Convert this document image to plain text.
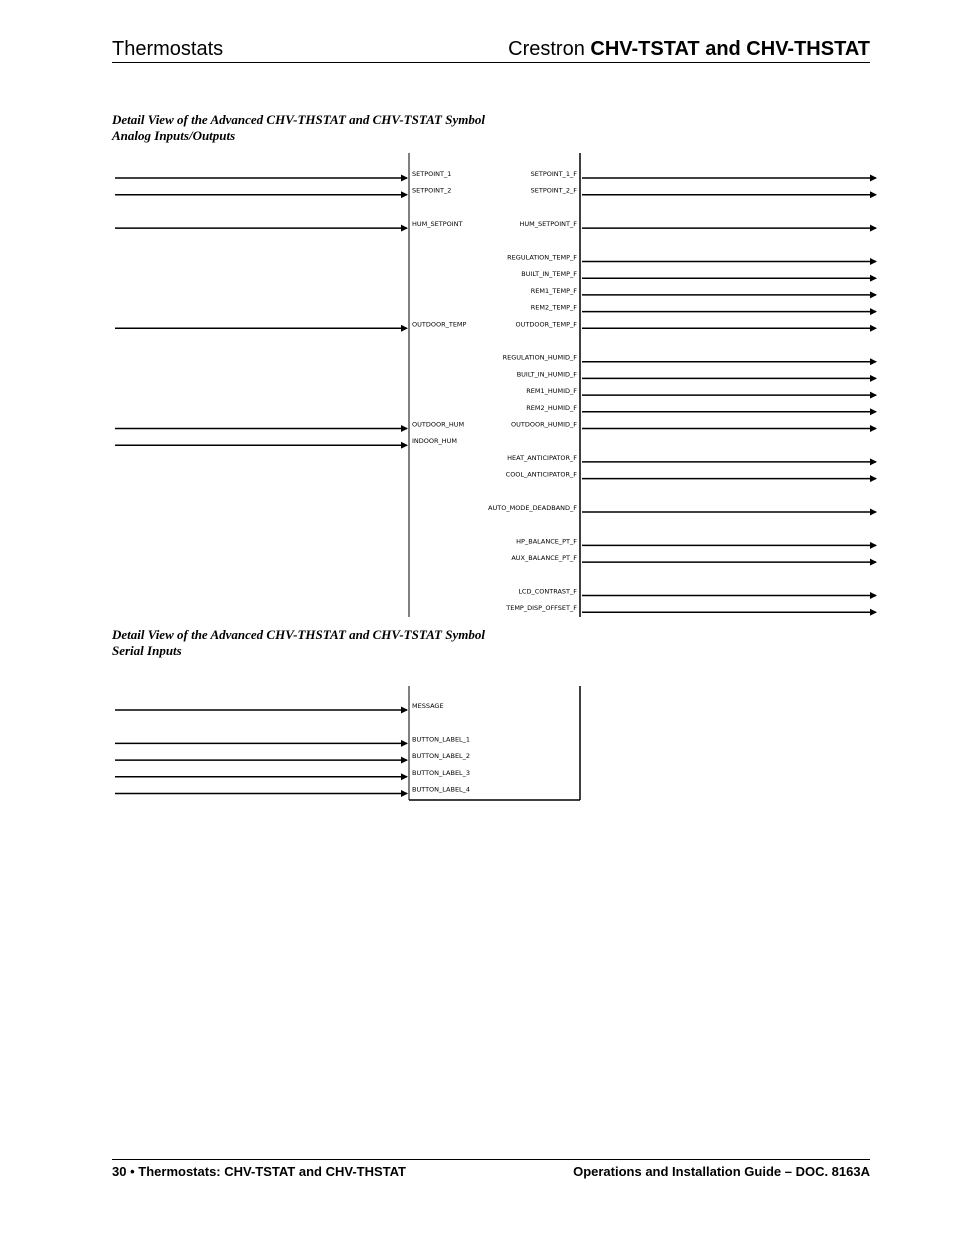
Thermostats	Crestron CHV-TSTAT and CHV-THSTAT
Detail View of the Advanced CHV-THSTAT and CHV-TSTAT Symbol
Analog Inputs/Outputs
Detail View of the Advanced CHV-THSTAT and CHV-TSTAT Symbol
Serial Inputs
SETPOINT_1
SETPOINT_2
HUM_SETPOINT
OUTDOOR_TEMP
OUTDOOR_HUM
INDOOR_HUM
SETPOINT_1_F
SETPOINT_2_F
HUM_SETPOINT_F
REGULATION_TEMP_F
BUILT_IN_TEMP_F
REM1_TEMP_F
REM2_TEMP_F
OUTDOOR_TEMP_F
REGULATION_HUMID_F
BUILT_IN_HUMID_F
REM1_HUMID_F
REM2_HUMID_F
OUTDOOR_HUMID_F
HEAT_ANTICIPATOR_F
COOL_ANTICIPATOR_F
AUTO_MODE_DEADBAND_F
HP_BALANCE_PT_F
AUX_BALANCE_PT_F
LCD_CONTRAST_F
TEMP_DISP_OFFSET_F
MESSAGE
BUTTON_LABEL_1
BUTTON_LABEL_2
BUTTON_LABEL_3
BUTTON_LABEL_4
30 • Thermostats: CHV-TSTAT and CHV-THSTAT	Operations and Installation Guide – DOC. 8163A
